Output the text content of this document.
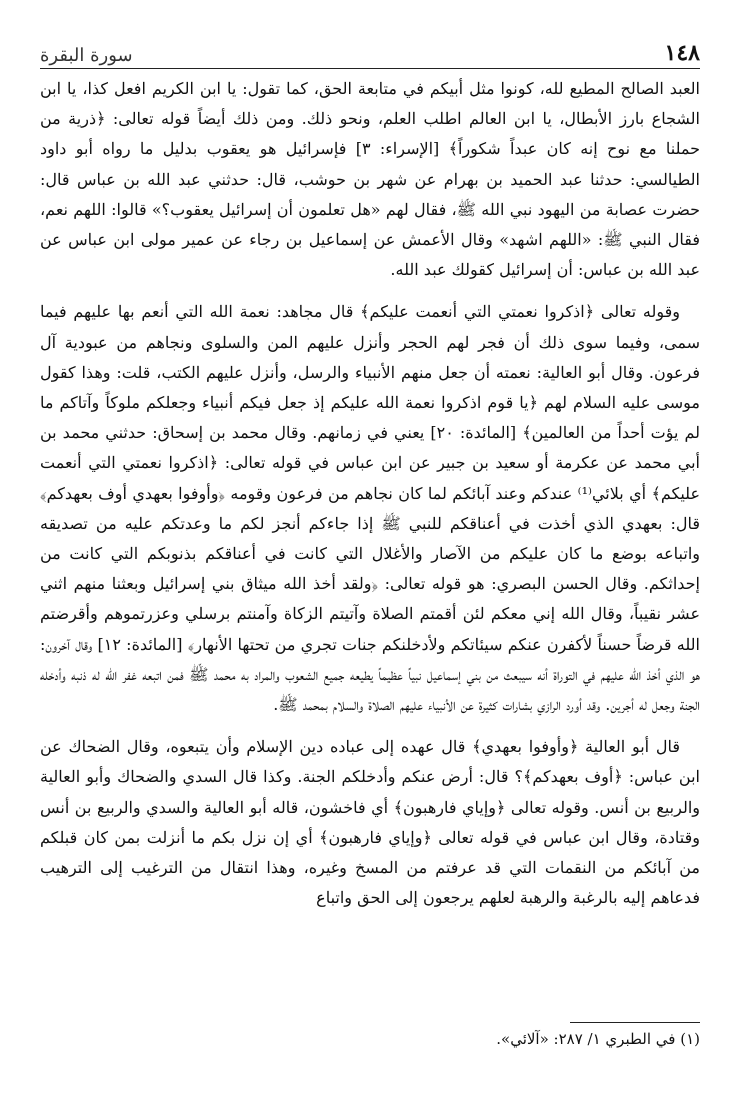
١٤٨
سورة البقرة

العبد الصالح المطيع لله، كونوا مثل أبيكم في متابعة الحق، كما تقول: يا ابن الكريم افعل كذا، يا ابن الشجاع بارز الأبطال، يا ابن العالم اطلب العلم، ونحو ذلك. ومن ذلك أيضاً قوله تعالى: ﴿ذرية من حملنا مع نوح إنه كان عبداً شكوراً﴾ [الإسراء: ٣] فإسرائيل هو يعقوب بدليل ما رواه أبو داود الطيالسي: حدثنا عبد الحميد بن بهرام عن شهر بن حوشب، قال: حدثني عبد الله بن عباس قال: حضرت عصابة من اليهود نبي الله ﷺ، فقال لهم «هل تعلمون أن إسرائيل يعقوب؟» قالوا: اللهم نعم، فقال النبي ﷺ: «اللهم اشهد» وقال الأعمش عن إسماعيل بن رجاء عن عمير مولى ابن عباس عن عبد الله بن عباس: أن إسرائيل كقولك عبد الله.

وقوله تعالى ﴿اذكروا نعمتي التي أنعمت عليكم﴾ قال مجاهد: نعمة الله التي أنعم بها عليهم فيما سمى، وفيما سوى ذلك أن فجر لهم الحجر وأنزل عليهم المن والسلوى ونجاهم من عبودية آل فرعون. وقال أبو العالية: نعمته أن جعل منهم الأنبياء والرسل، وأنزل عليهم الكتب، قلت: وهذا كقول موسى عليه السلام لهم ﴿يا قوم اذكروا نعمة الله عليكم إذ جعل فيكم أنبياء وجعلكم ملوكاً وآتاكم ما لم يؤت أحداً من العالمين﴾ [المائدة: ٢٠] يعني في زمانهم. وقال محمد بن إسحاق: حدثني محمد بن أبي محمد عن عكرمة أو سعيد بن جبير عن ابن عباس في قوله تعالى: ﴿اذكروا نعمتي التي أنعمت عليكم﴾ أي بلائي⁽¹⁾ عندكم وعند آبائكم لما كان نجاهم من فرعون وقومه ﴿وأوفوا بعهدي أوف بعهدكم﴾ قال: بعهدي الذي أخذت في أعناقكم للنبي ﷺ إذا جاءكم أنجز لكم ما وعدتكم عليه من تصديقه واتباعه بوضع ما كان عليكم من الآصار والأغلال التي كانت في أعناقكم بذنوبكم التي كانت من إحداثكم. وقال الحسن البصري: هو قوله تعالى: ﴿ولقد أخذ الله ميثاق بني إسرائيل وبعثنا منهم اثني عشر نقيباً، وقال الله إني معكم لئن أقمتم الصلاة وآتيتم الزكاة وآمنتم برسلي وعزرتموهم وأقرضتم الله قرضاً حسناً لأكفرن عنكم سيئاتكم ولأدخلنكم جنات تجري من تحتها الأنهار﴾ [المائدة: ١٢] وقال آخرون: هو الذي أخذ الله عليهم في التوراة أنه سيبعث من بني إسماعيل نبياً عظيماً يطيعه جميع الشعوب والمراد به محمد ﷺ فمن اتبعه غفر الله له ذنبه وأدخله الجنة وجعل له أجرين. وقد أورد الرازي بشارات كثيرة عن الأنبياء عليهم الصلاة والسلام بمحمد ﷺ.

قال أبو العالية ﴿وأوفوا بعهدي﴾ قال عهده إلى عباده دين الإسلام وأن يتبعوه، وقال الضحاك عن ابن عباس: ﴿أوف بعهدكم﴾؟ قال: أرض عنكم وأدخلكم الجنة. وكذا قال السدي والضحاك وأبو العالية والربيع بن أنس. وقوله تعالى ﴿وإياي فارهبون﴾ أي فاخشون، قاله أبو العالية والسدي والربيع بن أنس وقتادة، وقال ابن عباس في قوله تعالى ﴿وإياي فارهبون﴾ أي إن نزل بكم ما أنزلت بمن كان قبلكم من آبائكم من النقمات التي قد عرفتم من المسخ وغيره، وهذا انتقال من الترغيب إلى الترهيب فدعاهم إليه بالرغبة والرهبة لعلهم يرجعون إلى الحق واتباع

(١) في الطبري ١/ ٢٨٧: «آلائي».
